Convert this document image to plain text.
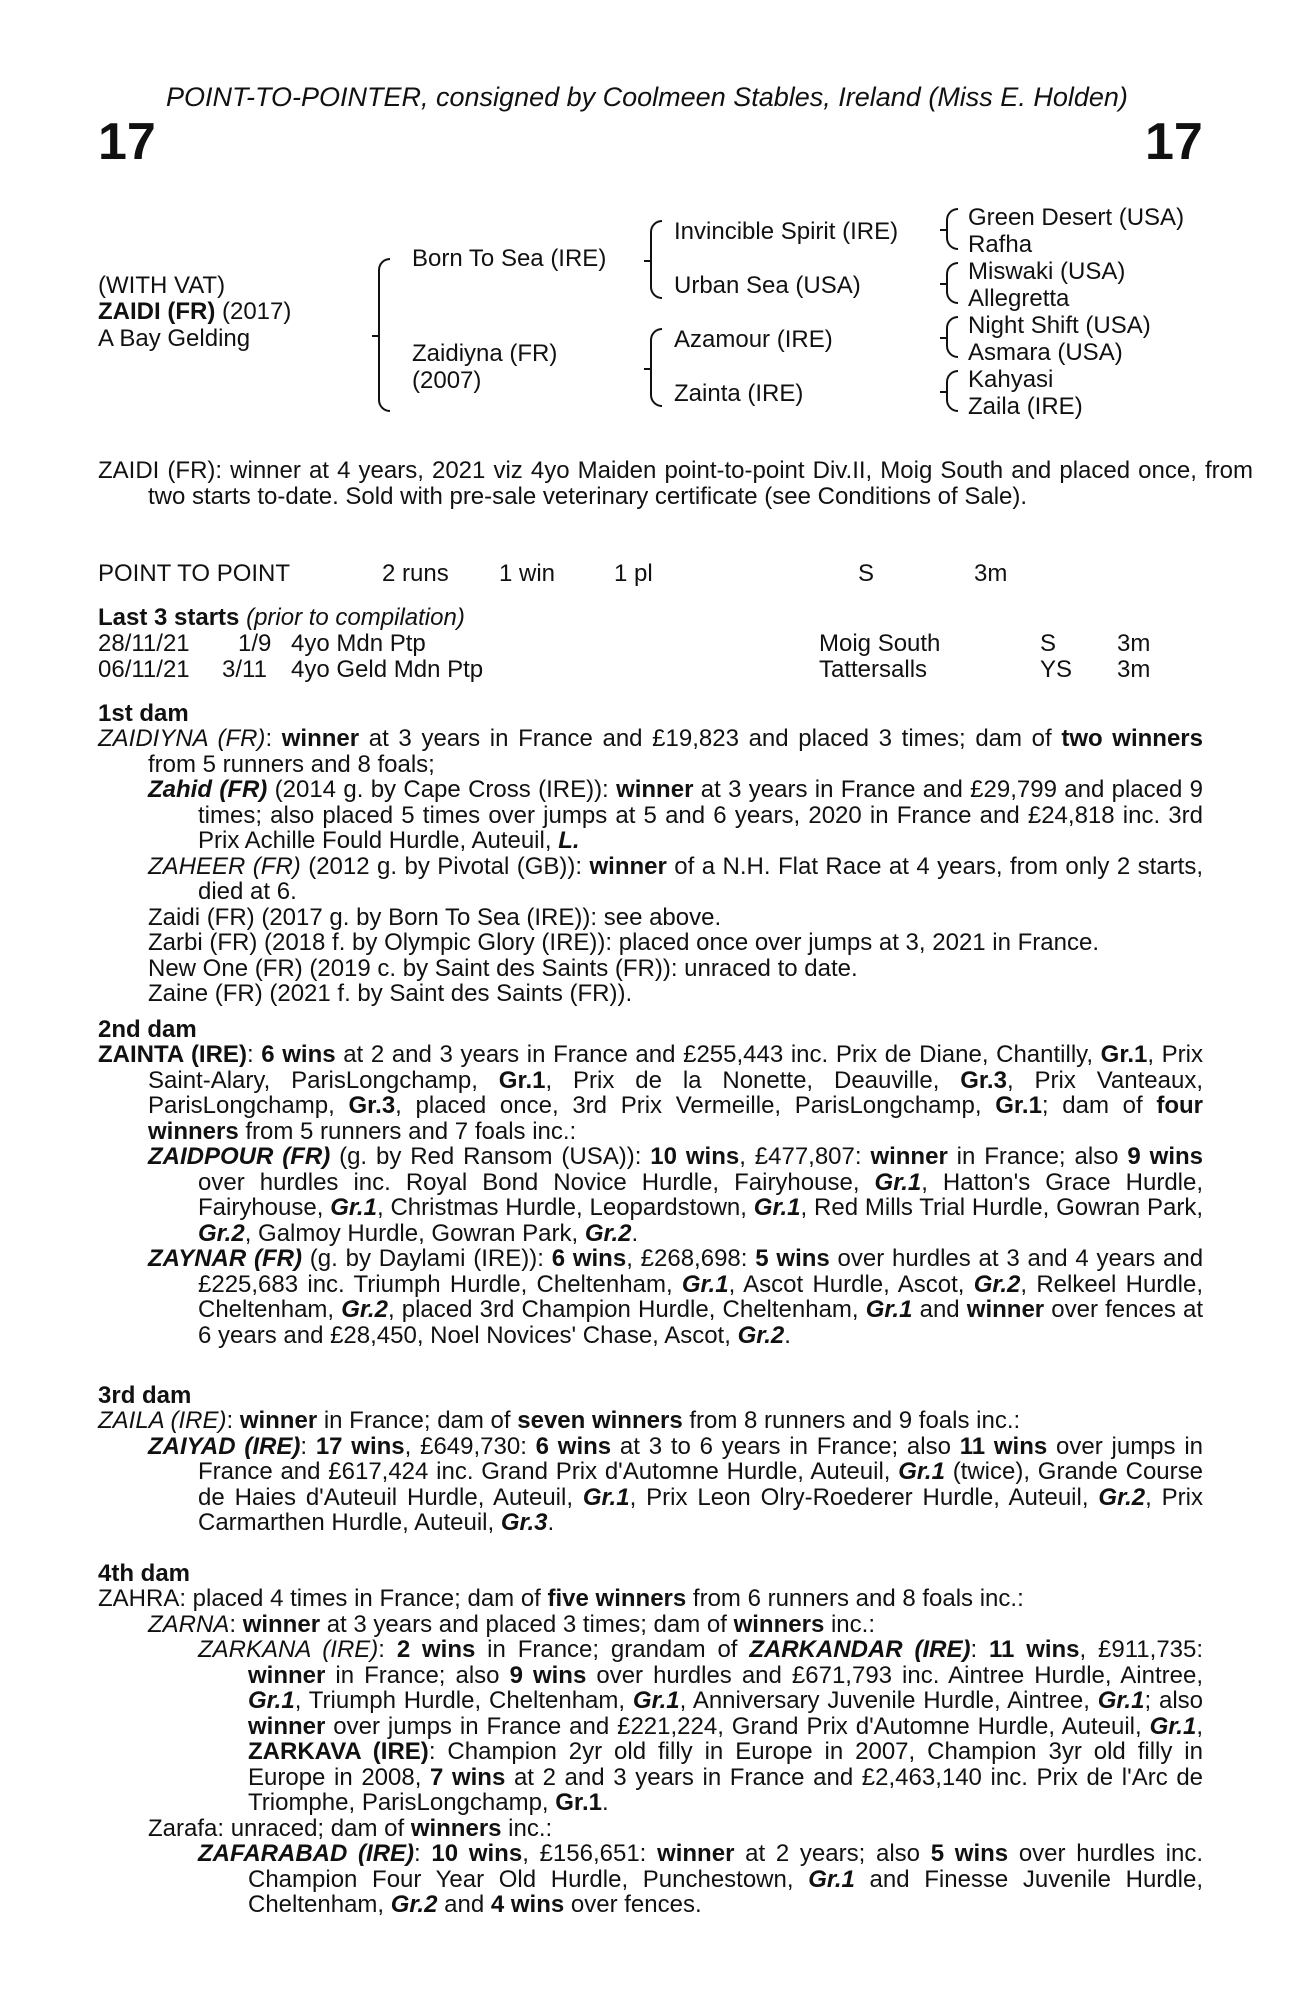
POINT-TO-POINTER, consigned by Coolmeen Stables, Ireland (Miss E. Holden)
17	17
(WITH VAT)
ZAIDI (FR) (2017)
A Bay Gelding
Born To Sea (IRE)
Zaidiyna (FR)
(2007)
Invincible Spirit (IRE)
Urban Sea (USA)
Azamour (IRE)
Zainta (IRE)
Green Desert (USA)
Rafha
Miswaki (USA)
Allegretta
Night Shift (USA)
Asmara (USA)
Kahyasi
Zaila (IRE)
ZAIDI (FR): winner at 4 years, 2021 viz 4yo Maiden point-to-point Div.II, Moig South and placed once, from two starts to-date. Sold with pre-sale veterinary certificate (see Conditions of Sale).
POINT TO POINT	2 runs 1 win 1 pl	S	3m
Last 3 starts (prior to compilation)
28/11/21 1/9 4yo Mdn Ptp	Moig South	S	3m
06/11/21 3/11 4yo Geld Mdn Ptp	Tattersalls	YS 3m
1st dam
ZAIDIYNA (FR): winner at 3 years in France and £19,823 and placed 3 times; dam of two winners from 5 runners and 8 foals;
Zahid (FR) (2014 g. by Cape Cross (IRE)): winner at 3 years in France and £29,799 and placed 9 times; also placed 5 times over jumps at 5 and 6 years, 2020 in France and £24,818 inc. 3rd Prix Achille Fould Hurdle, Auteuil, L.
ZAHEER (FR) (2012 g. by Pivotal (GB)): winner of a N.H. Flat Race at 4 years, from only 2 starts, died at 6.
Zaidi (FR) (2017 g. by Born To Sea (IRE)): see above.
Zarbi (FR) (2018 f. by Olympic Glory (IRE)): placed once over jumps at 3, 2021 in France.
New One (FR) (2019 c. by Saint des Saints (FR)): unraced to date.
Zaine (FR) (2021 f. by Saint des Saints (FR)).
2nd dam
ZAINTA (IRE): 6 wins at 2 and 3 years in France and £255,443 inc. Prix de Diane, Chantilly, Gr.1, Prix Saint-Alary, ParisLongchamp, Gr.1, Prix de la Nonette, Deauville, Gr.3, Prix Vanteaux, ParisLongchamp, Gr.3, placed once, 3rd Prix Vermeille, ParisLongchamp, Gr.1; dam of four winners from 5 runners and 7 foals inc.:
ZAIDPOUR (FR) (g. by Red Ransom (USA)): 10 wins, £477,807: winner in France; also 9 wins over hurdles inc. Royal Bond Novice Hurdle, Fairyhouse, Gr.1, Hatton's Grace Hurdle, Fairyhouse, Gr.1, Christmas Hurdle, Leopardstown, Gr.1, Red Mills Trial Hurdle, Gowran Park, Gr.2, Galmoy Hurdle, Gowran Park, Gr.2.
ZAYNAR (FR) (g. by Daylami (IRE)): 6 wins, £268,698: 5 wins over hurdles at 3 and 4 years and £225,683 inc. Triumph Hurdle, Cheltenham, Gr.1, Ascot Hurdle, Ascot, Gr.2, Relkeel Hurdle, Cheltenham, Gr.2, placed 3rd Champion Hurdle, Cheltenham, Gr.1 and winner over fences at 6 years and £28,450, Noel Novices' Chase, Ascot, Gr.2.
3rd dam
ZAILA (IRE): winner in France; dam of seven winners from 8 runners and 9 foals inc.:
ZAIYAD (IRE): 17 wins, £649,730: 6 wins at 3 to 6 years in France; also 11 wins over jumps in France and £617,424 inc. Grand Prix d'Automne Hurdle, Auteuil, Gr.1 (twice), Grande Course de Haies d'Auteuil Hurdle, Auteuil, Gr.1, Prix Leon Olry-Roederer Hurdle, Auteuil, Gr.2, Prix Carmarthen Hurdle, Auteuil, Gr.3.
4th dam
ZAHRA: placed 4 times in France; dam of five winners from 6 runners and 8 foals inc.:
ZARNA: winner at 3 years and placed 3 times; dam of winners inc.:
ZARKANA (IRE): 2 wins in France; grandam of ZARKANDAR (IRE): 11 wins, £911,735: winner in France; also 9 wins over hurdles and £671,793 inc. Aintree Hurdle, Aintree, Gr.1, Triumph Hurdle, Cheltenham, Gr.1, Anniversary Juvenile Hurdle, Aintree, Gr.1; also winner over jumps in France and £221,224, Grand Prix d'Automne Hurdle, Auteuil, Gr.1, ZARKAVA (IRE): Champion 2yr old filly in Europe in 2007, Champion 3yr old filly in Europe in 2008, 7 wins at 2 and 3 years in France and £2,463,140 inc. Prix de l'Arc de Triomphe, ParisLongchamp, Gr.1.
Zarafa: unraced; dam of winners inc.:
ZAFARABAD (IRE): 10 wins, £156,651: winner at 2 years; also 5 wins over hurdles inc. Champion Four Year Old Hurdle, Punchestown, Gr.1 and Finesse Juvenile Hurdle, Cheltenham, Gr.2 and 4 wins over fences.
